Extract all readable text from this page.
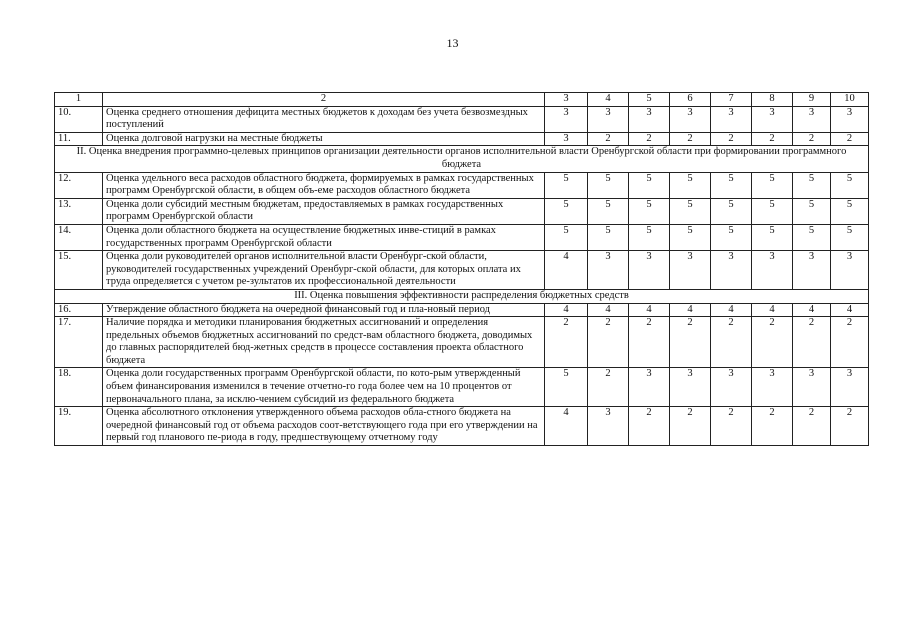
13
1	2	3	4	5	6	7	8	9	10
10.	Оценка среднего отношения дефицита местных бюджетов к доходам без учета безвозмездных поступлений	3	3	3	3	3	3	3	3
11.	Оценка долговой нагрузки на местные бюджеты	3	2	2	2	2	2	2	2
II. Оценка внедрения программно-целевых принципов организации деятельности органов исполнительной власти Оренбургской области при формировании программного бюджета									
12.	Оценка удельного веса расходов областного бюджета, формируемых в рамках государственных программ Оренбургской области, в общем объ-еме расходов областного бюджета	5	5	5	5	5	5	5	5
13.	Оценка доли субсидий местным бюджетам, предоставляемых в рамках государственных программ Оренбургской области	5	5	5	5	5	5	5	5
14.	Оценка доли областного бюджета на осуществление бюджетных инве-стиций в рамках государственных программ Оренбургской области	5	5	5	5	5	5	5	5
15.	Оценка доли руководителей органов исполнительной власти Оренбург-ской области, руководителей государственных учреждений Оренбург-ской области, для которых оплата их труда определяется с учетом ре-зультатов их профессиональной деятельности	4	3	3	3	3	3	3	3
III. Оценка повышения эффективности распределения бюджетных средств									
16.	Утверждение областного бюджета на очередной финансовый год и пла-новый период	4	4	4	4	4	4	4	4
17.	Наличие порядка и методики планирования бюджетных ассигнований и определения предельных объемов бюджетных ассигнований по средст-вам областного бюджета, доводимых до главных распорядителей бюд-жетных средств в процессе составления проекта областного бюджета	2	2	2	2	2	2	2	2
18.	Оценка доли государственных программ Оренбургской области, по кото-рым утвержденный объем финансирования изменился в течение отчетно-го года более чем на 10 процентов от первоначального плана, за исклю-чением субсидий из федерального бюджета	5	2	3	3	3	3	3	3
19.	Оценка абсолютного отклонения утвержденного объема расходов обла-стного бюджета на очередной финансовый год от объема расходов соот-ветствующего года при его утверждении на первый год планового пе-риода в году, предшествующему отчетному году	4	3	2	2	2	2	2	2
